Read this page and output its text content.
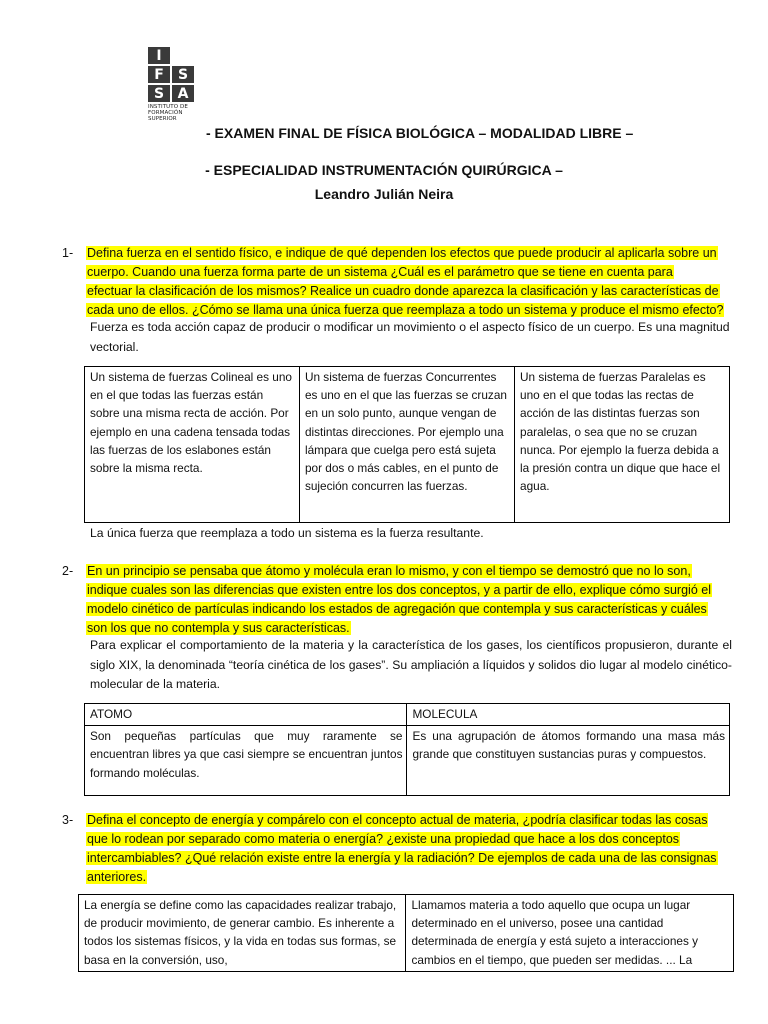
I
F	S
S A
INSTITUTO DE
FORMACIÓN
SUPERIOR
- EXAMEN FINAL DE FÍSICA BIOLÓGICA – MODALIDAD LIBRE –
- ESPECIALIDAD INSTRUMENTACIÓN QUIRÚRGICA –
Leandro Julián Neira
1- Defina fuerza en el sentido físico, e indique de qué dependen los efectos que puede producir al aplicarla sobre un
cuerpo. Cuando una fuerza forma parte de un sistema ¿Cuál es el parámetro que se tiene en cuenta para
efectuar la clasificación de los mismos? Realice un cuadro donde aparezca la clasificación y las características de
cada uno de ellos. ¿Cómo se llama una única fuerza que reemplaza a todo un sistema y produce el mismo efecto?
Fuerza es toda acción capaz de producir o modificar un movimiento o el aspecto físico de un cuerpo. Es una magnitud vectorial.
Un sistema de fuerzas Colineal es uno en el que todas las fuerzas están sobre una misma recta de acción. Por ejemplo en una cadena tensada todas las fuerzas de los eslabones están sobre la misma recta.	Un sistema de fuerzas Concurrentes es uno en el que las fuerzas se cruzan en un solo punto, aunque vengan de distintas direcciones. Por ejemplo una lámpara que cuelga pero está sujeta por dos o más cables, en el punto de sujeción concurren las fuerzas.	Un sistema de fuerzas Paralelas es uno en el que todas las rectas de acción de las distintas fuerzas son paralelas, o sea que no se cruzan nunca. Por ejemplo la fuerza debida a la presión contra un dique que hace el agua.
La única fuerza que reemplaza a todo un sistema es la fuerza resultante.
2- En un principio se pensaba que átomo y molécula eran lo mismo, y con el tiempo se demostró que no lo son,
indique cuales son las diferencias que existen entre los dos conceptos, y a partir de ello, explique cómo surgió el
modelo cinético de partículas indicando los estados de agregación que contempla y sus características y cuáles
son los que no contempla y sus características.
Para explicar el comportamiento de la materia y la característica de los gases, los científicos propusieron, durante el siglo XIX, la denominada “teoría cinética de los gases”. Su ampliación a líquidos y solidos dio lugar al modelo cinético-molecular de la materia.
ATOMO	MOLECULA
Son pequeñas partículas que muy raramente se encuentran libres ya que casi siempre se encuentran juntos formando moléculas.	Es una agrupación de átomos formando una masa más grande que constituyen sustancias puras y compuestos.
3- Defina el concepto de energía y compárelo con el concepto actual de materia, ¿podría clasificar todas las cosas
que lo rodean por separado como materia o energía? ¿existe una propiedad que hace a los dos conceptos
intercambiables? ¿Qué relación existe entre la energía y la radiación? De ejemplos de cada una de las consignas
anteriores.
La energía se define como las capacidades realizar trabajo, de producir movimiento, de generar cambio. Es inherente a todos los sistemas físicos, y la vida en todas sus formas, se basa en la conversión, uso,	Llamamos materia a todo aquello que ocupa un lugar determinado en el universo, posee una cantidad determinada de energía y está sujeto a interacciones y cambios en el tiempo, que pueden ser medidas. ... La
